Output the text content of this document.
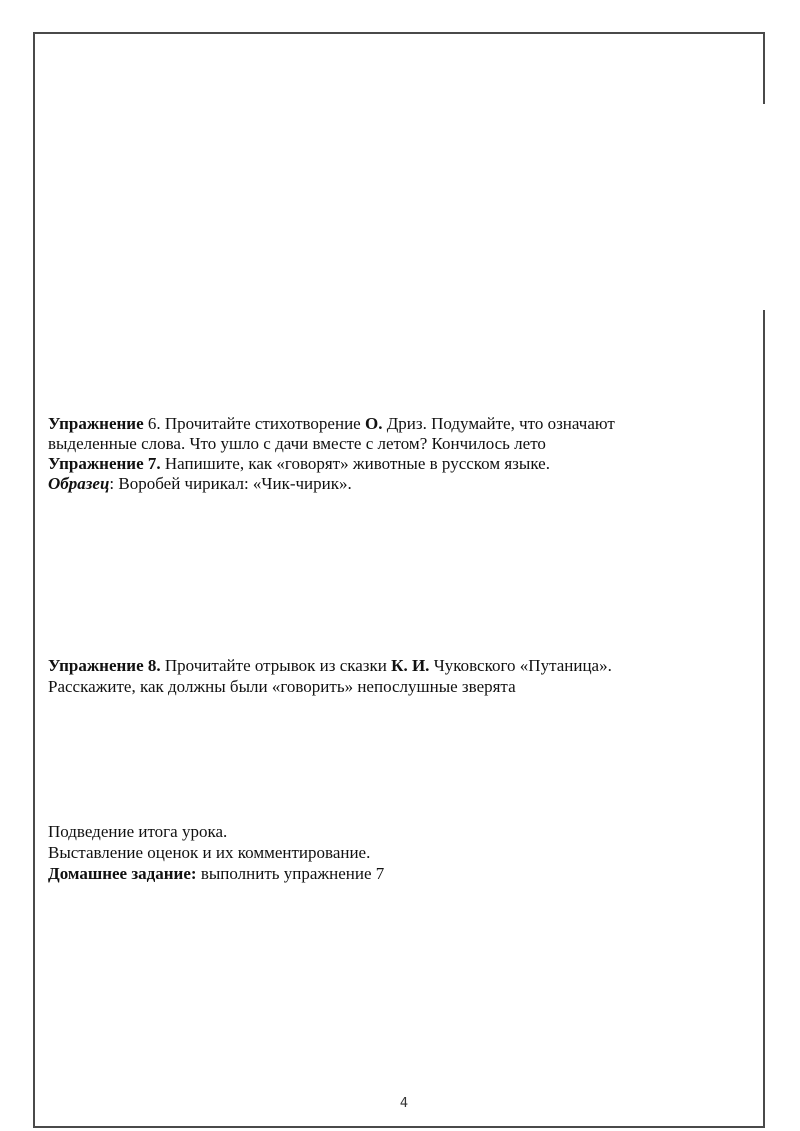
Упражнение 6. Прочитайте стихотворение О. Дриз. Подумайте, что означают
выделенные слова. Что ушло с дачи вместе с летом? Кончилось лето
Упражнение 7. Напишите, как «говорят» животные в русском языке.
Образец: Воробей чирикал: «Чик-чирик».
Упражнение 8. Прочитайте отрывок из сказки К. И. Чуковского «Путаница».
Расскажите, как должны были «говорить» непослушные зверята
Подведение итога урока.
Выставление оценок и их комментирование.
Домашнее задание: выполнить упражнение 7
4
